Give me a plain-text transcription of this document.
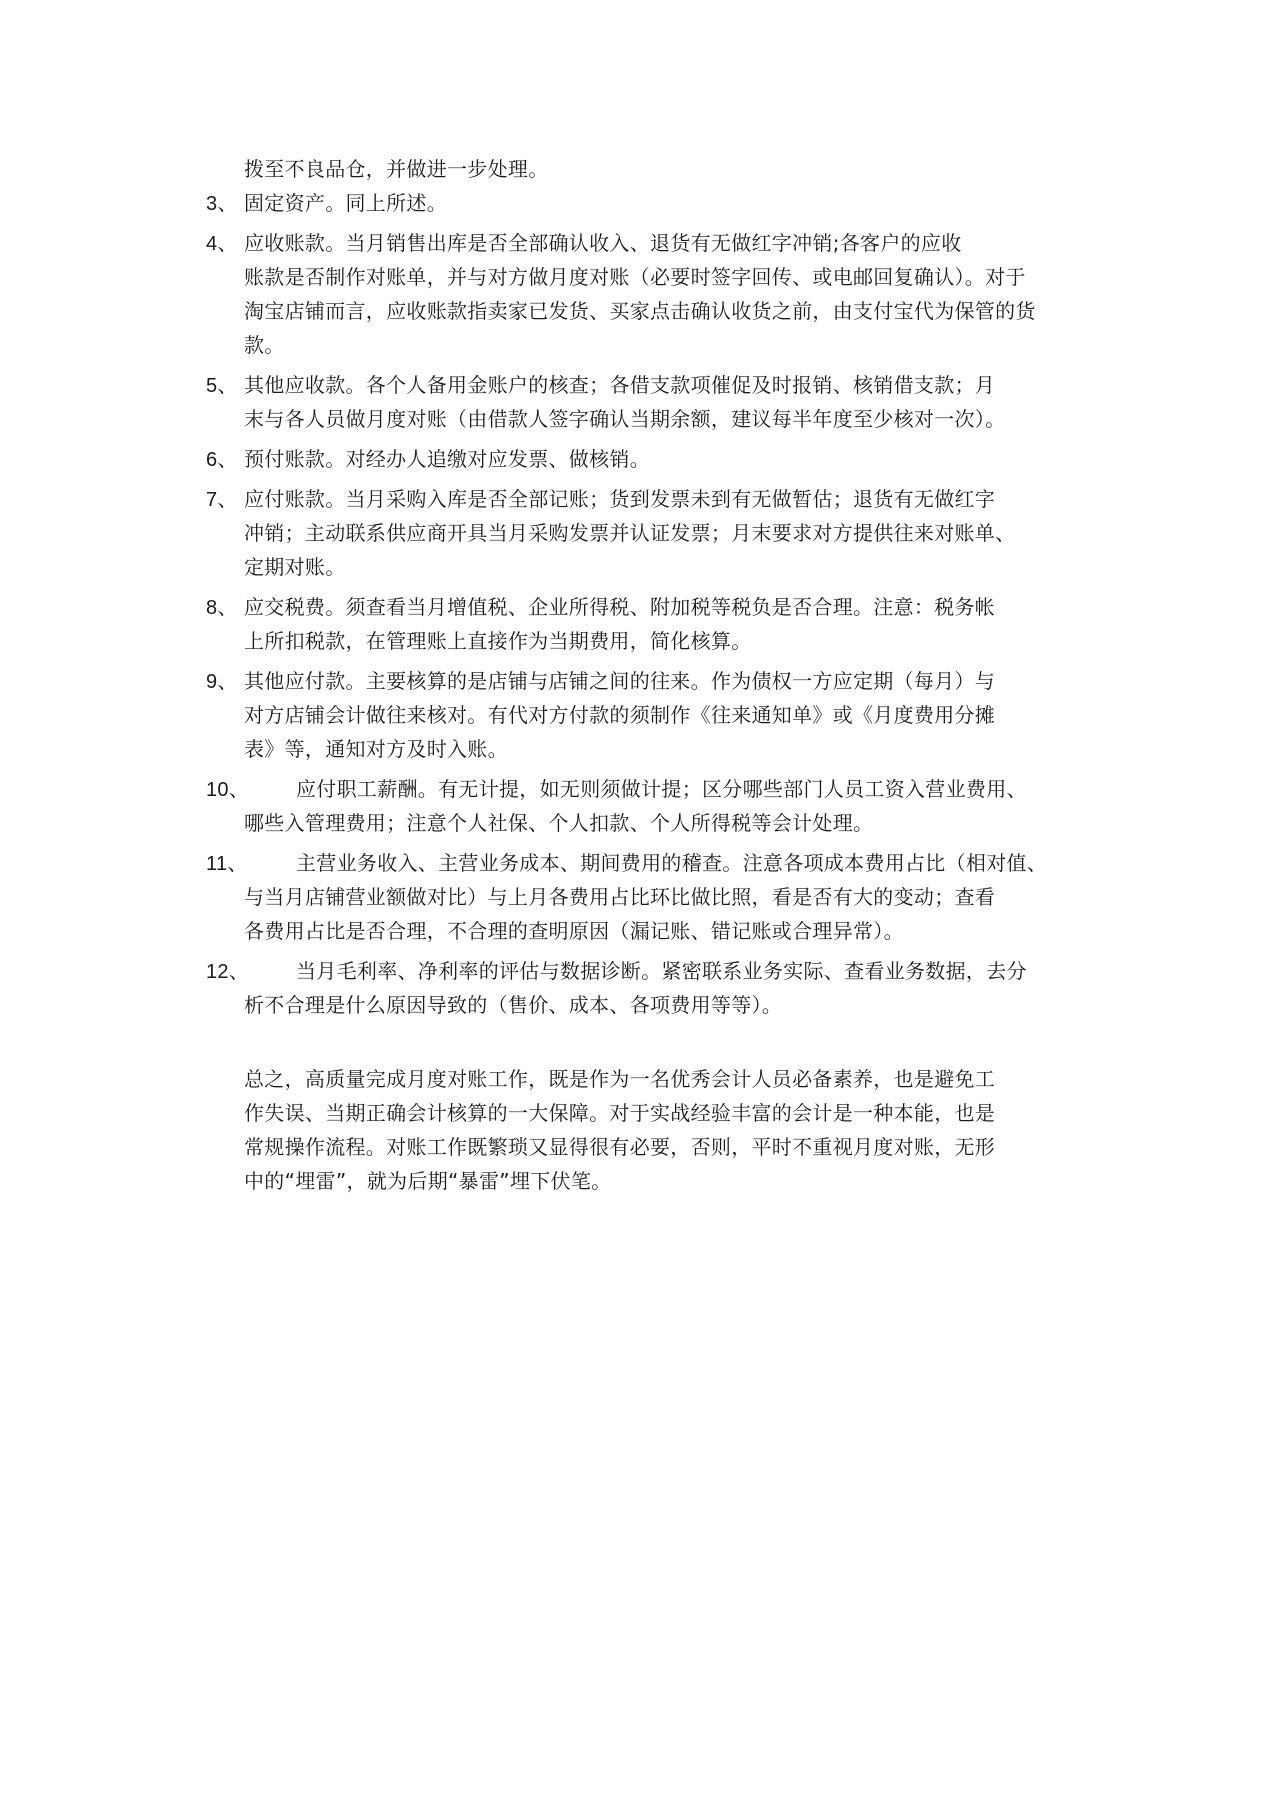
拨至不良品仓，并做进一步处理。
3、 固定资产。同上所述。
4、 应收账款。当月销售出库是否全部确认收入、退货有无做红字冲销;各客户的应收
账款是否制作对账单，并与对方做月度对账（必要时签字回传、或电邮回复确认）。对于
淘宝店铺而言，应收账款指卖家已发货、买家点击确认收货之前，由支付宝代为保管的货
款。
5、 其他应收款。各个人备用金账户的核查；各借支款项催促及时报销、核销借支款；月
末与各人员做月度对账（由借款人签字确认当期余额，建议每半年度至少核对一次）。
6、 预付账款。对经办人追缴对应发票、做核销。
7、 应付账款。当月采购入库是否全部记账；货到发票未到有无做暂估；退货有无做红字
冲销；主动联系供应商开具当月采购发票并认证发票；月末要求对方提供往来对账单、
定期对账。
8、 应交税费。须查看当月增值税、企业所得税、附加税等税负是否合理。注意：税务帐
上所扣税款，在管理账上直接作为当期费用，简化核算。
9、 其他应付款。主要核算的是店铺与店铺之间的往来。作为债权一方应定期（每月）与
对方店铺会计做往来核对。有代对方付款的须制作《往来通知单》或《月度费用分摊
表》等，通知对方及时入账。
10、 应付职工薪酬。有无计提，如无则须做计提；区分哪些部门人员工资入营业费用、
哪些入管理费用；注意个人社保、个人扣款、个人所得税等会计处理。
11、 主营业务收入、主营业务成本、期间费用的稽查。注意各项成本费用占比（相对值、
与当月店铺营业额做对比）与上月各费用占比环比做比照，看是否有大的变动；查看
各费用占比是否合理，不合理的查明原因（漏记账、错记账或合理异常）。
12、 当月毛利率、净利率的评估与数据诊断。紧密联系业务实际、查看业务数据，去分
析不合理是什么原因导致的（售价、成本、各项费用等等）。
总之，高质量完成月度对账工作，既是作为一名优秀会计人员必备素养，也是避免工
作失误、当期正确会计核算的一大保障。对于实战经验丰富的会计是一种本能，也是
常规操作流程。对账工作既繁琐又显得很有必要，否则，平时不重视月度对账，无形
中的“埋雷”，就为后期“暴雷”埋下伏笔。
